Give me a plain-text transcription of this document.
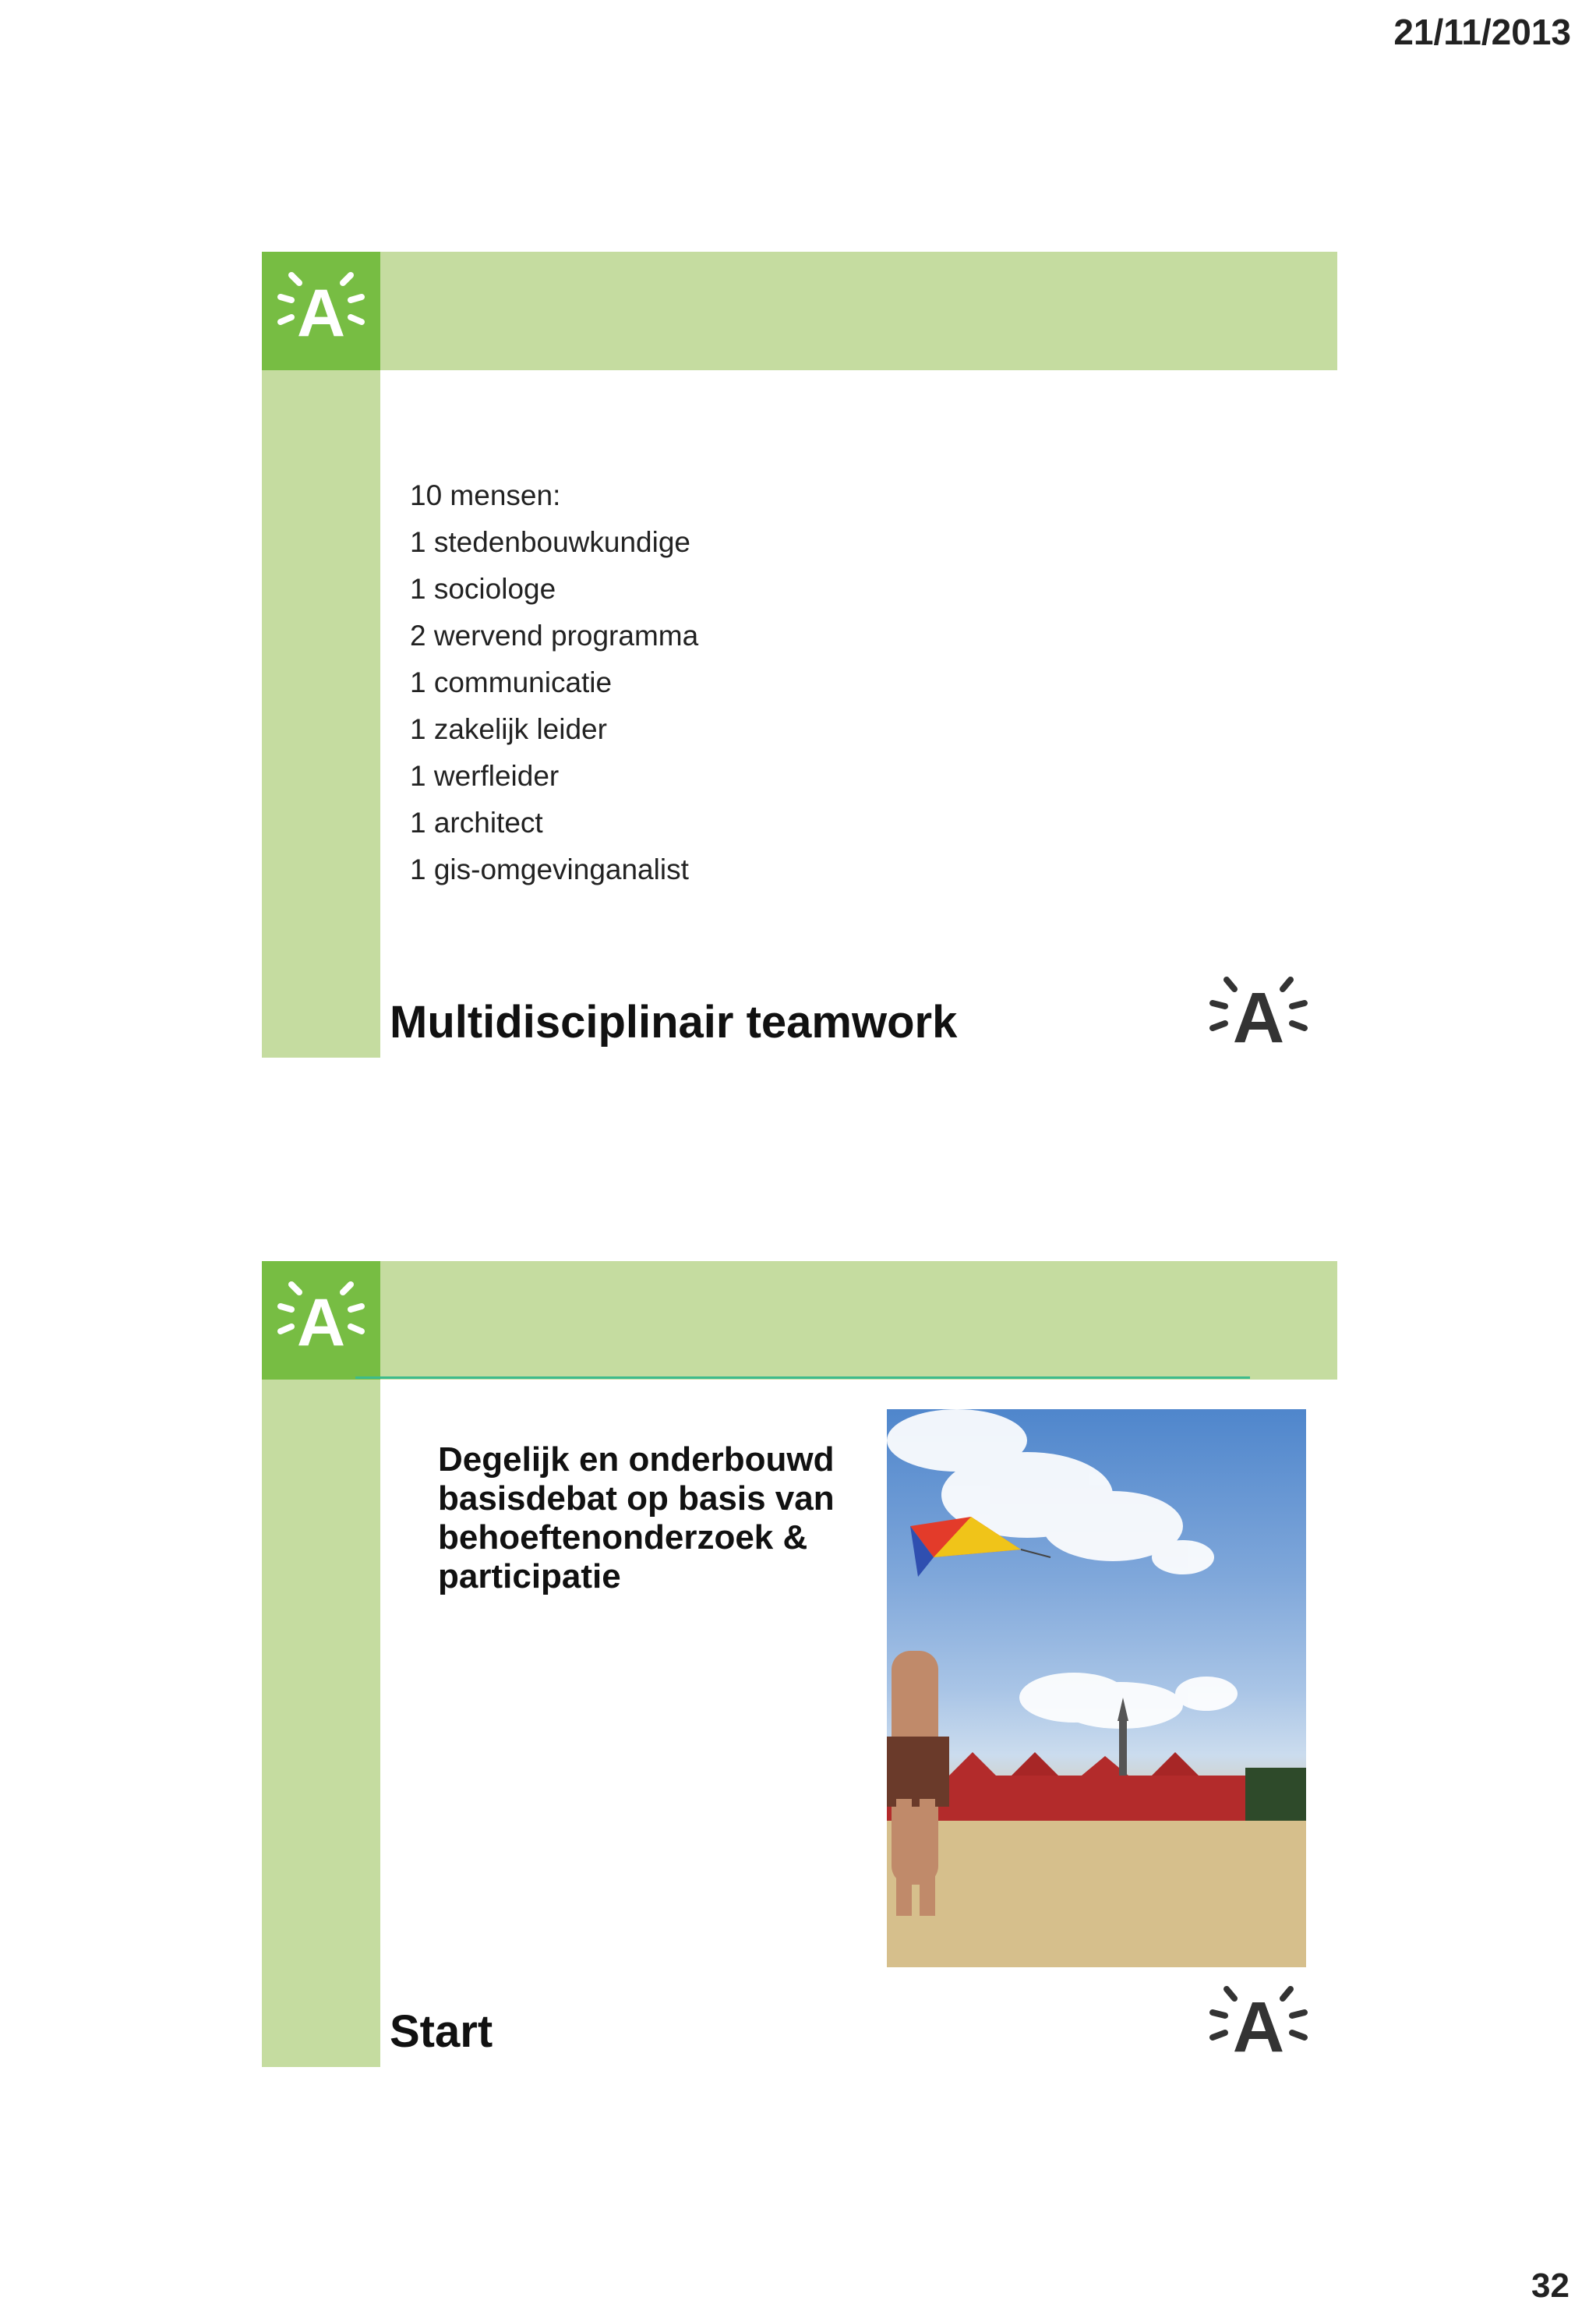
21/11/2013
A
Multidisciplinair teamwork
10 mensen:
1 stedenbouwkundige
1 sociologe
2 wervend programma
1 communicatie
1 zakelijk leider
1 werfleider
1 architect
1 gis-omgevinganalist
A
A
Start

Degelijk en onderbouwd basisdebat op basis van behoeftenonderzoek & participatie

A
32
